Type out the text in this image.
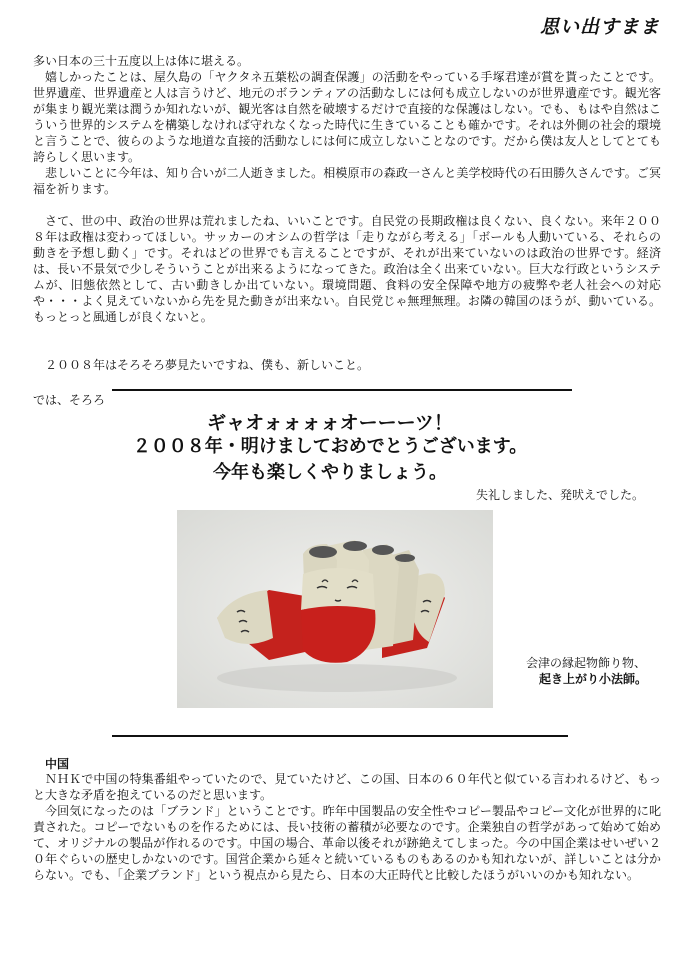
思い出すまま

多い日本の三十五度以上は体に堪える。

嬉しかったことは、屋久島の「ヤクタネ五葉松の調査保護」の活動をやっている手塚君達が賞を貰ったことです。世界遺産、世界遺産と人は言うけど、地元のボランティアの活動なしには何も成立しないのが世界遺産です。観光客が集まり観光業は潤うか知れないが、観光客は自然を破壊するだけで直接的な保護はしない。でも、もはや自然はこういう世界的システムを構築しなければ守れなくなった時代に生きていることも確かです。それは外側の社会的環境と言うことで、彼らのような地道な直接的活動なしには何に成立しないことなのです。だから僕は友人としてとても誇らしく思います。

悲しいことに今年は、知り合いが二人逝きました。相模原市の森政一さんと美学校時代の石田勝久さんです。ご冥福を祈ります。

さて、世の中、政治の世界は荒れましたね、いいことです。自民党の長期政権は良くない、良くない。来年２００８年は政権は変わってほしい。サッカーのオシムの哲学は「走りながら考える」「ボールも人動いている、それらの動きを予想し動く」です。それはどの世界でも言えることですが、それが出来ていないのは政治の世界です。経済は、長い不景気で少しそういうことが出来るようになってきた。政治は全く出来ていない。巨大な行政というシステムが、旧態依然として、古い動きしか出ていない。環境問題、食料の安全保障や地方の疲弊や老人社会への対応や・・・よく見えていないから先を見た動きが出来ない。自民党じゃ無理無理。お隣の韓国のほうが、動いている。もっとっと風通しが良くないと。

２００８年はそろそろ夢見たいですね、僕も、新しいこと。

では、そろろ
ギャオォォォォオーーーツ！
２００８年・明けましておめでとうございます。
今年も楽しくやりましょう。
失礼しました、発吠えでした。
会津の縁起物飾り物、
起き上がり小法師。
中国

ＮＨＫで中国の特集番組やっていたので、見ていたけど、この国、日本の６０年代と似ている言われるけど、もっと大きな矛盾を抱えているのだと思います。

今回気になったのは「ブランド」ということです。昨年中国製品の安全性やコピー製品やコピー文化が世界的に叱責された。コピーでないものを作るためには、長い技術の蓄積が必要なのです。企業独自の哲学があって始めて始めて、オリジナルの製品が作れるのです。中国の場合、革命以後それが跡絶えてしまった。今の中国企業はせいぜい２０年ぐらいの歴史しかないのです。国営企業から延々と続いているものもあるのかも知れないが、詳しいことは分からない。でも、「企業ブランド」という視点から見たら、日本の大正時代と比較したほうがいいのかも知れない。
